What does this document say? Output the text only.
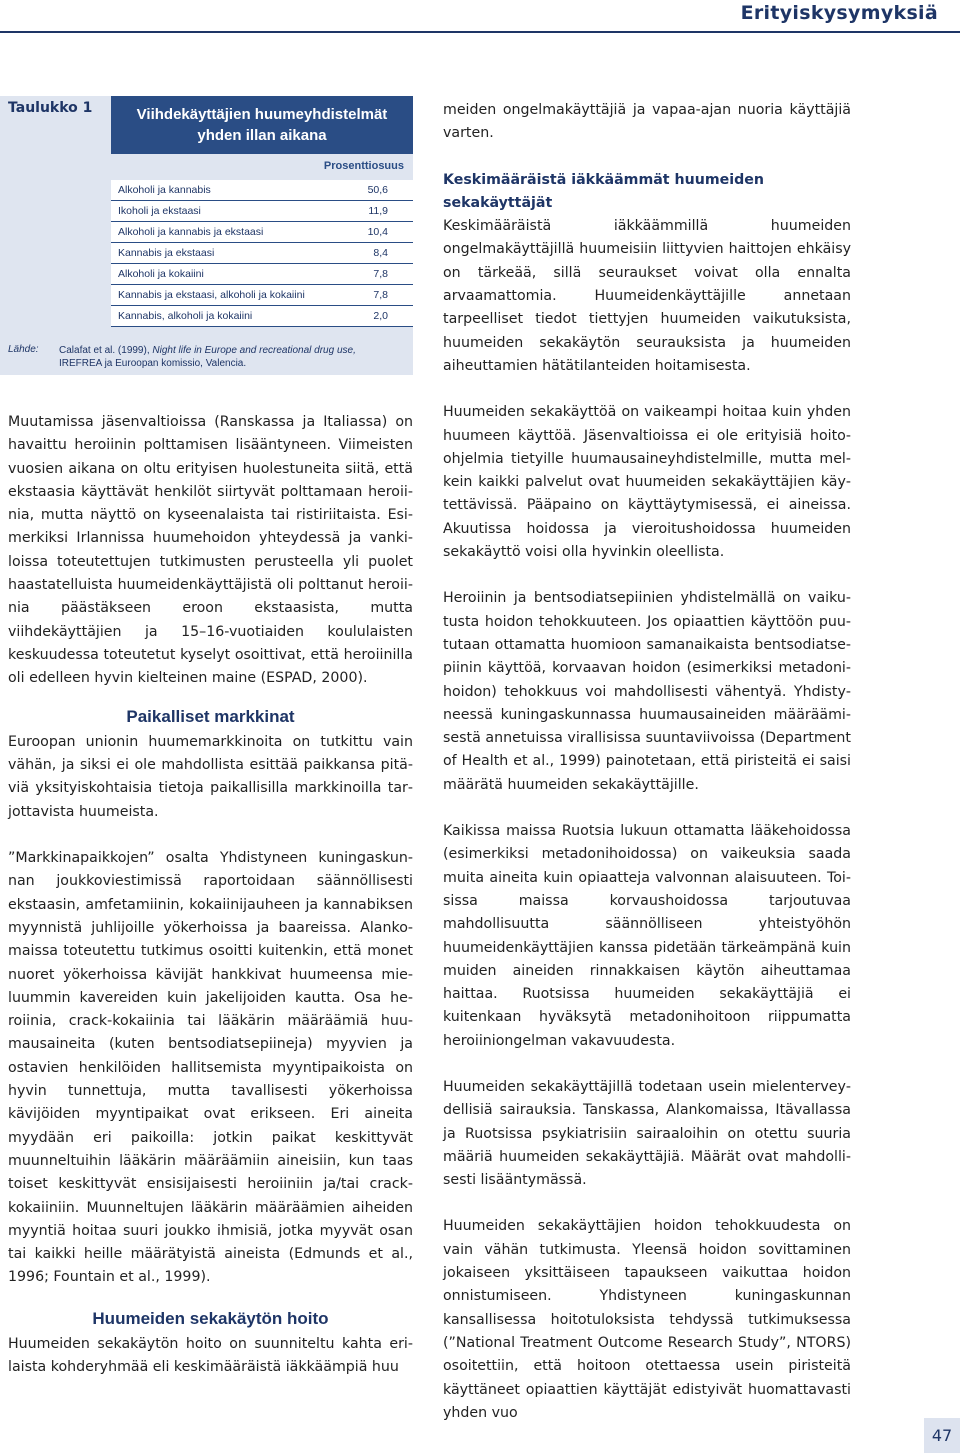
Erityiskysymyksiä
Taulukko 1	Viihdekäyttäjien huumeyhdistelmät
yhden illan aikana
Prosenttiosuus
Alkoholi ja kannabis	50,6
Ikoholi ja ekstaasi	11,9
Alkoholi ja kannabis ja ekstaasi	10,4
Kannabis ja ekstaasi	8,4
Alkoholi ja kokaiini	7,8
Kannabis ja ekstaasi, alkoholi ja kokaiini	7,8
Kannabis, alkoholi ja kokaiini	2,0
Lähde: Calafat et al. (1999), Night life in Europe and recreational drug use, IREFREA ja Euroopan komissio, Valencia.

Muutamissa jäsenvaltioissa (Ranskassa ja Italiassa) on havaittu heroiinin polttamisen lisääntyneen. Viimeisten vuosien aikana on oltu erityisen huolestuneita siitä, että ekstaasia käyttävät henkilöt siirtyvät polttamaan heroiinia, mutta näyttö on kyseenalaista tai ristiriitaista. Esimerkiksi Irlannissa huumehoidon yhteydessä ja vankiloissa toteutettujen tutkimusten perusteella yli puolet haastatelluista huumeidenkäyttäjistä oli polttanut heroiinia päästäkseen eroon ekstaasista, mutta viihdekäyttäjien ja 15–16-vuotiaiden koululaisten keskuudessa toteutetut kyselyt osoittivat, että heroiinilla oli edelleen hyvin kielteinen maine (ESPAD, 2000).

Paikalliset markkinat

Euroopan unionin huumemarkkinoita on tutkittu vain vähän, ja siksi ei ole mahdollista esittää paikkansa pitäviä yksityiskohtaisia tietoja paikallisilla markkinoilla tarjottavista huumeista.

”Markkinapaikkojen” osalta Yhdistyneen kuningaskunnan joukkoviestimissä raportoidaan säännöllisesti ekstaasin, amfetamiinin, kokaiinijauheen ja kannabiksen myynnistä juhlijoille yökerhoissa ja baareissa. Alankomaissa toteutettu tutkimus osoitti kuitenkin, että monet nuoret yökerhoissa kävijät hankkivat huumeensa mieluummin kavereiden kuin jakelijoiden kautta. Osa heroiinia, crack-kokaiinia tai lääkärin määräämiä huumausaineita (kuten bentsodiatsepiineja) myyvien ja ostavien henkilöiden hallitsemista myyntipaikoista on hyvin tunnettuja, mutta tavallisesti yökerhoissa kävijöiden myyntipaikat ovat erikseen. Eri aineita myydään eri paikoilla: jotkin paikat keskittyvät muunneltuihin lääkärin määräämiin aineisiin, kun taas toiset keskittyvät ensisijaisesti heroiiniin ja/tai crack-kokaiiniin. Muunneltujen lääkärin määräämien aiheiden myyntiä hoitaa suuri joukko ihmisiä, jotka myyvät osan tai kaikki heille määrätyistä aineista (Edmunds et al., 1996; Fountain et al., 1999).

Huumeiden sekakäytön hoito

Huumeiden sekakäytön hoito on suunniteltu kahta erilaista kohderyhmää eli keskimääräistä iäkkäämpiä huu

meiden ongelmakäyttäjiä ja vapaa-ajan nuoria käyttäjiä varten.

Keskimääräistä iäkkäämmät huumeiden sekakäyttäjät

Keskimääräistä iäkkäämmillä huumeiden ongelmakäyttäjillä huumeisiin liittyvien haittojen ehkäisy on tärkeää, sillä seuraukset voivat olla ennalta arvaamattomia. Huumeidenkäyttäjille annetaan tarpeelliset tiedot tiettyjen huumeiden vaikutuksista, huumeiden sekakäytön seurauksista ja huumeiden aiheuttamien hätätilanteiden hoitamisesta.

Huumeiden sekakäyttöä on vaikeampi hoitaa kuin yhden huumeen käyttöä. Jäsenvaltioissa ei ole erityisiä hoitoohjelmia tietyille huumausaineyhdistelmille, mutta melkein kaikki palvelut ovat huumeiden sekakäyttäjien käytettävissä. Pääpaino on käyttäytymisessä, ei aineissa. Akuutissa hoidossa ja vieroitushoidossa huumeiden sekakäyttö voisi olla hyvinkin oleellista.

Heroiinin ja bentsodiatsepiinien yhdistelmällä on vaikutusta hoidon tehokkuuteen. Jos opiaattien käyttöön puututaan ottamatta huomioon samanaikaista bentsodiatsepiinin käyttöä, korvaavan hoidon (esimerkiksi metadonihoidon) tehokkuus voi mahdollisesti vähentyä. Yhdistyneessä kuningaskunnassa huumausaineiden määräämisestä annetuissa virallisissa suuntaviivoissa (Department of Health et al., 1999) painotetaan, että piristeitä ei saisi määrätä huumeiden sekakäyttäjille.

Kaikissa maissa Ruotsia lukuun ottamatta lääkehoidossa (esimerkiksi metadonihoidossa) on vaikeuksia saada muita aineita kuin opiaatteja valvonnan alaisuuteen. Toisissa maissa korvaushoidossa tarjoutuvaa mahdollisuutta säännölliseen yhteistyöhön huumeidenkäyttäjien kanssa pidetään tärkeämpänä kuin muiden aineiden rinnakkaisen käytön aiheuttamaa haittaa. Ruotsissa huumeiden sekakäyttäjiä ei kuitenkaan hyväksytä metadonihoitoon riippumatta heroiiniongelman vakavuudesta.

Huumeiden sekakäyttäjillä todetaan usein mielenterveydellisiä sairauksia. Tanskassa, Alankomaissa, Itävallassa ja Ruotsissa psykiatrisiin sairaaloihin on otettu suuria määriä huumeiden sekakäyttäjiä. Määrät ovat mahdollisesti lisääntymässä.

Huumeiden sekakäyttäjien hoidon tehokkuudesta on vain vähän tutkimusta. Yleensä hoidon sovittaminen jokaiseen yksittäiseen tapaukseen vaikuttaa hoidon onnistumiseen. Yhdistyneen kuningaskunnan kansallisessa hoitotuloksista tehdyssä tutkimuksessa (”National Treatment Outcome Research Study”, NTORS) osoitettiin, että hoitoon otettaessa usein piristeitä käyttäneet opiaattien käyttäjät edistyivät huomattavasti yhden vuo

47
